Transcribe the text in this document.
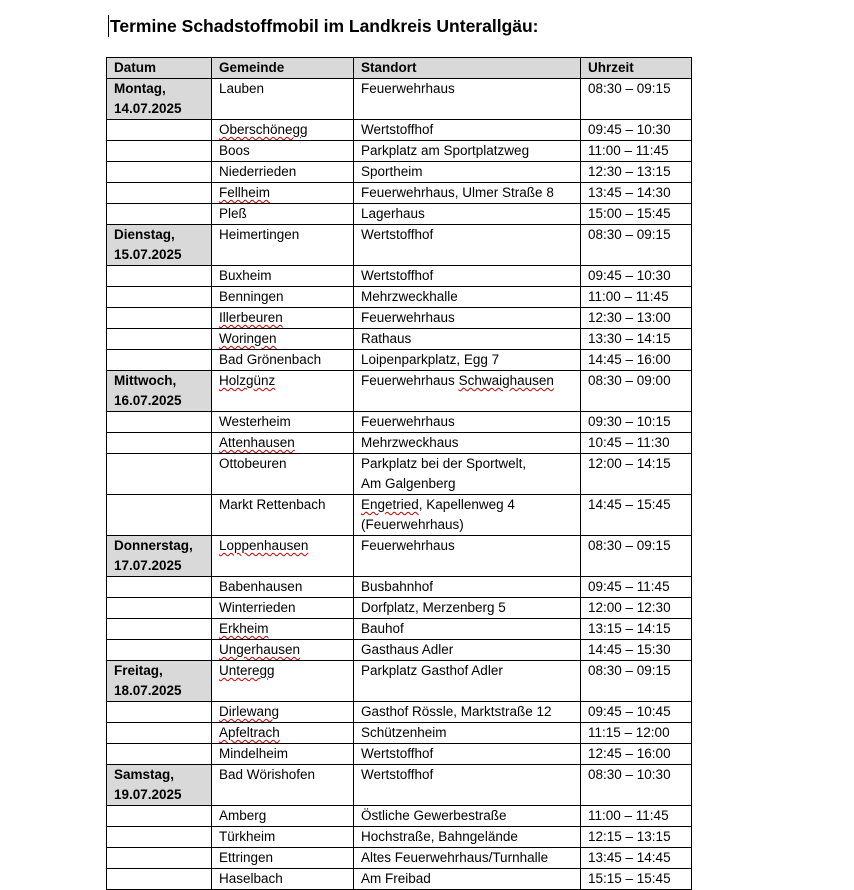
Termine Schadstoffmobil im Landkreis Unterallgäu:
Datum	Gemeinde	Standort	Uhrzeit

Montag,
14.07.2025	Lauben	Feuerwehrhaus	08:30 – 09:15
	Oberschönegg	Wertstoffhof	09:45 – 10:30
	Boos	Parkplatz am Sportplatzweg	11:00 – 11:45
	Niederrieden	Sportheim	12:30 – 13:15
	Fellheim	Feuerwehrhaus, Ulmer Straße 8	13:45 – 14:30
	Pleß	Lagerhaus	15:00 – 15:45

Dienstag,
15.07.2025	Heimertingen	Wertstoffhof	08:30 – 09:15
	Buxheim	Wertstoffhof	09:45 – 10:30
	Benningen	Mehrzweckhalle	11:00 – 11:45
	Illerbeuren	Feuerwehrhaus	12:30 – 13:00
	Woringen	Rathaus	13:30 – 14:15
	Bad Grönenbach	Loipenparkplatz, Egg 7	14:45 – 16:00

Mittwoch,
16.07.2025	Holzgünz	Feuerwehrhaus Schwaighausen	08:30 – 09:00
	Westerheim	Feuerwehrhaus	09:30 – 10:15
	Attenhausen	Mehrzweckhaus	10:45 – 11:30
	Ottobeuren	Parkplatz bei der Sportwelt,
Am Galgenberg	12:00 – 14:15
	Markt Rettenbach	Engetried, Kapellenweg 4
(Feuerwehrhaus)	14:45 – 15:45

Donnerstag,
17.07.2025	Loppenhausen	Feuerwehrhaus	08:30 – 09:15
	Babenhausen	Busbahnhof	09:45 – 11:45
	Winterrieden	Dorfplatz, Merzenberg 5	12:00 – 12:30
	Erkheim	Bauhof	13:15 – 14:15
	Ungerhausen	Gasthaus Adler	14:45 – 15:30

Freitag,
18.07.2025	Unteregg	Parkplatz Gasthof Adler	08:30 – 09:15
	Dirlewang	Gasthof Rössle, Marktstraße 12	09:45 – 10:45
	Apfeltrach	Schützenheim	11:15 – 12:00
	Mindelheim	Wertstoffhof	12:45 – 16:00

Samstag,
19.07.2025	Bad Wörishofen	Wertstoffhof	08:30 – 10:30
	Amberg	Östliche Gewerbestraße	11:00 – 11:45
	Türkheim	Hochstraße, Bahngelände	12:15 – 13:15
	Ettringen	Altes Feuerwehrhaus/Turnhalle	13:45 – 14:45
	Haselbach	Am Freibad	15:15 – 15:45
